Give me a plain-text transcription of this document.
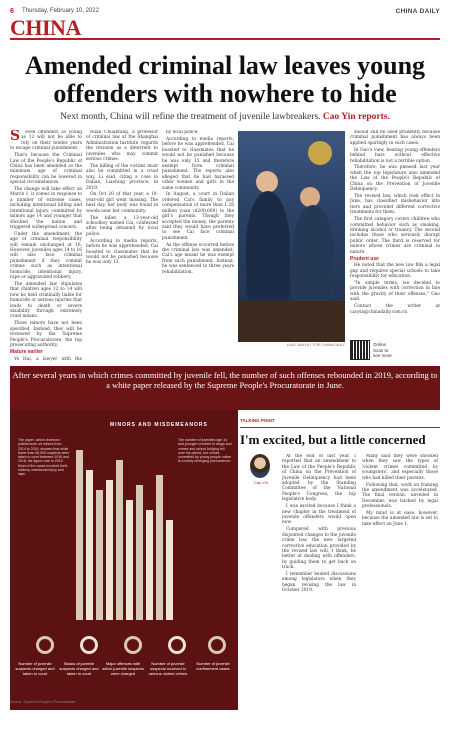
6 Thursday, February 10, 2022	CHINA DAILY
CHINA
Amended criminal law leaves young offenders with nowhere to hide
Next month, China will refine the treatment of juvenile lawbreakers. Cao Yin reports.
S	even offenders as young as 12 will not be able to rely on their tender years to escape criminal punishment.

That's because the Criminal Law of the People's Republic of China has been amended so the minimum age of criminal responsibility can be lowered in special circumstances.

The change will take effect on March 1, it comes in response to a number of extreme cases, including intentional killing and intentional injury, committed by minors age 14 and younger that shocked the nation and triggered widespread concern.

Under the amendment, the age of criminal responsibility will remain unchanged at 16. However, juveniles ages 14 to 16 will also face criminal punishment if they commit crimes such as intentional homicide, intentional injury, rape or aggravated robbery.

The amended law stipulates that children ages 12 to 14 will now be held criminally liable for homicide or serious injuries that leads to death or severe disability through extremely cruel means.

Those minors have not been specified. Instead, they will be reviewed by the Supreme People's Procuratorate, the top prosecuting authority.

Mature earlier

Ye Hai, a lawyer with the

Ruan Chuanfang, a professor of criminal law at the Shanghai Administration Institute, regards the revision as a deterrent to juveniles who may commit serious crimes.

The killing of the victims must also be committed in a cruel way, Li said, citing a case in Dalian, Liaoning province, in 2019.

On Oct 20 of that year, a 10-year-old girl went missing. The next day, her body was found in woods near her community.

The killer, a 13-year-old schoolboy named Cai, confessed after being detained by local police.

According to media reports, before he was apprehended, Cai boasted to classmates that he would not be punished because he was only 13.

by local police.

According to media reports, before he was apprehended, Cai boasted to classmates that he would not be punished because he was only 13 and therefore exempt from criminal punishment. The reports also alleged that he had harassed other women and girls in the same community.

In August, a court in Dalian ordered Cai's family to pay compensation of more than 1.28 million yuan ($200,000) to the girl's parents. Though they accepted the money, the parents said they would have preferred to see Cai face criminal punishment.

As the offense occurred before the criminal law was amended, Cai's age meant he was exempt from such punishment. Instead, he was sentenced to three years rehabilitation.

LIAO JUNYU / FOR CHINA DAILY

should still be used prudently because criminal punishment has always been applied sparingly in such cases.

In Guo's view, beating young offenders behind bars without effective rehabilitation is not a terrible option.

Therefore, he was pleased last year when the top legislature also amended the Law of the People's Republic of China on the Prevention of Juvenile Delinquency.

The revised law, which took effect in June, has classified misbehavior into tiers and provided different corrective treatments for them.

The first category covers children who committed behavior such as smoking, drinking alcohol or truancy. The second includes those who seriously disrupt public order. The third is reserved for minors whose crimes are criminal in nature.

Prudent use

He noted that the new law fills a legal gap and requires special schools to take responsibility for education.

"In simple terms, we decided to provide juveniles with correction in line with the gravity of their offenses," Guo said.

Contact the writer at caoyin@chinadaily.com.cn

Online
Scan to
see more
After several years in which crimes committed by juvenile fell, the number of such offenses rebounded in 2019, according to a white paper released by the Supreme People's Procuratorate in June.
MINORS AND MISDEMEANORS
The paper, which reviewed judicial work on minors from 2014 to 2019, showed that while fewer than 50,000 suspects were taken to court between 2016 and 2018, the figure rose in 2019. Most of the cases involved theft, robbery, intentional injury and rape.
The number of juveniles age 14 and younger involved in drugs and crimes and school bullying fell over the period, but crimes committed by young people online is a newly emerging phenomenon.
Number of juvenile suspects charged and taken to court
Status of juvenile suspects charged and taken to court
Major offenses with which juvenile suspects were charged
Number of juvenile suspects involved in serious violent crimes
Number of juvenile confinement cases
Source: Supreme People's Procuratorate
TALKING POINT
I'm excited, but a little concerned
Cao Yin

At the end of last year, I reported that an amendment to the Law of the People's Republic of China on the Prevention of Juvenile Delinquency had been adopted by the Standing Committee of the National People's Congress, the top legislative body.

I was excited because I think a new chapter in the treatment of juvenile offenders would open now.

Compared with previous disjointed changes to the juvenile crime law, the new targeted corrective education provided by the revised law will, I think, be better at dealing with offenders, by guiding them to get back on track.

I remember heated discussions among legislators when they began revising the law in October 2019.

Many said they were shocked when they saw the types of 'violent crimes committed by youngsters', and especially those who had killed their parents.

Following that, work on framing the amendment was accelerated. The final version, unveiled in December, was backed by legal professionals.

My mind is at ease, however, because the amended law is set to take effect on June 1.
